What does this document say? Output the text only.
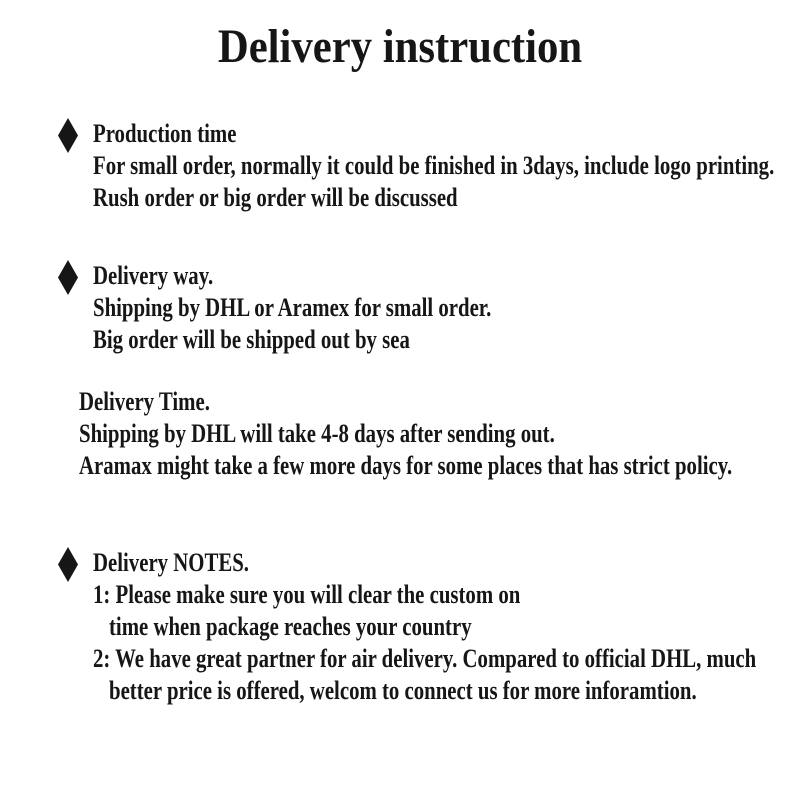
Delivery instruction

Production time

For small order, normally it could be finished in 3days, include logo printing.

Rush order or big order will be discussed

Delivery way.

Shipping by DHL or Aramex for small order.

Big order will be shipped out by sea

Delivery Time.

Shipping by DHL will take 4-8 days after sending out.

Aramax might take a few more days for some places that has strict policy.

Delivery NOTES.

1: Please make sure you will clear the custom on

time when package reaches your country

2: We have great partner for air delivery. Compared to official DHL, much

better price is offered, welcom to connect us for more inforamtion.
